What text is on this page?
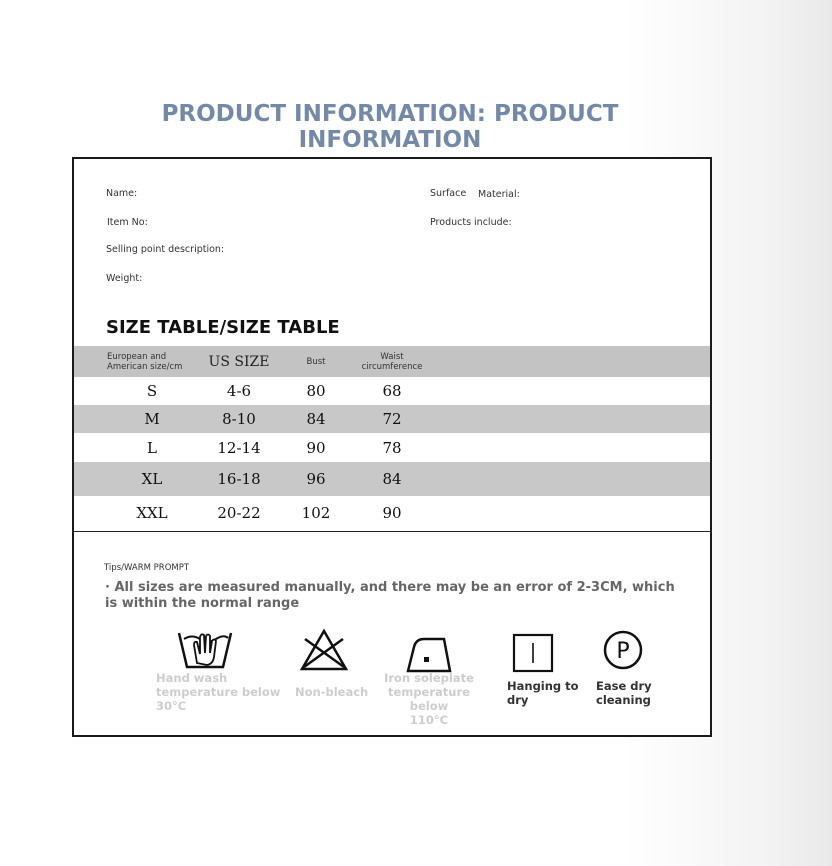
PRODUCT INFORMATION: PRODUCT INFORMATION
Name:
Item No:
Selling point description:
Weight:
Surface Material:
Products include:
SIZE TABLE/SIZE TABLE
European and
American size/cm	US SIZE	Bust	Waist
circumference
S	4-6	80	68
M	8-10	84	72
L	12-14	90	78
XL	16-18	96	84
XXL	20-22	102	90
Tips/WARM PROMPT
· All sizes are measured manually, and there may be an error of 2-3CM, which is within the normal range
Hand wash
temperature below
30°C
Non-bleach
Iron soleplate
temperature below
110°C
Hanging to
dry
P
Ease dry
cleaning
